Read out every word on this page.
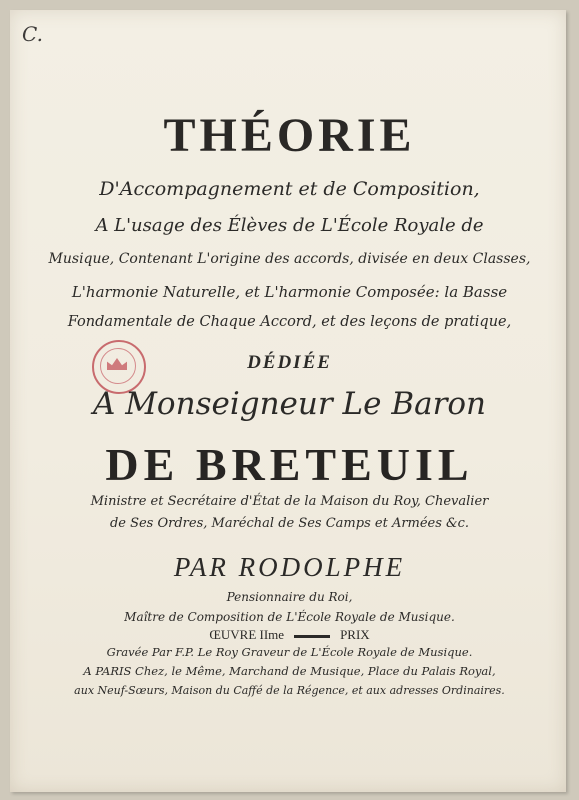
C.
THÉORIE
D'Accompagnement et de Composition,
A L'usage des Élèves de L'École Royale de
Musique, Contenant L'origine des accords, divisée en deux Classes,
L'harmonie Naturelle, et L'harmonie Composée: la Basse
Fondamentale de Chaque Accord, et des leçons de pratique,
DÉDIÉE
A Monseigneur Le Baron
DE BRETEUIL
Ministre et Secrétaire d'État de la Maison du Roy, Chevalier
de Ses Ordres, Maréchal de Ses Camps et Armées &c.
PAR RODOLPHE
Pensionnaire du Roi,
Maître de Composition de L'École Royale de Musique.
ŒUVRE IIme	PRIX
Gravée Par F.P. Le Roy Graveur de L'École Royale de Musique.
A PARIS Chez, le Même, Marchand de Musique, Place du Palais Royal,
aux Neuf-Sœurs, Maison du Caffé de la Régence, et aux adresses Ordinaires.
